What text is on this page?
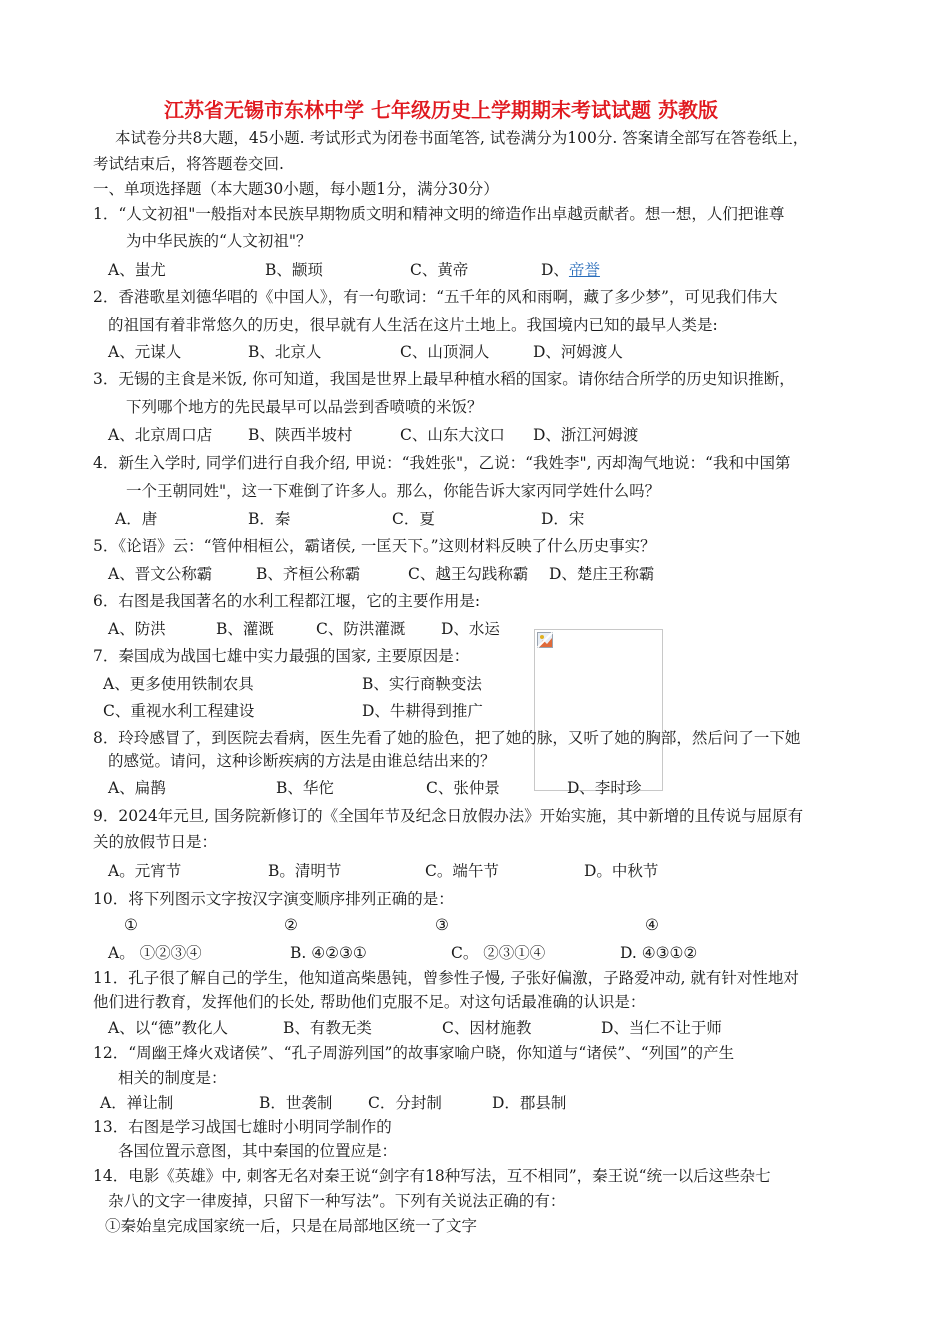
江苏省无锡市东林中学 七年级历史上学期期末考试试题 苏教版
本试卷分共8大题，45小题. 考试形式为闭卷书面笔答, 试卷满分为100分. 答案请全部写在答卷纸上，
考试结束后，将答题卷交回.
一、单项选择题（本大题30小题，每小题1分，满分30分）
1．“人文初祖"一般指对本民族早期物质文明和精神文明的缔造作出卓越贡献者。想一想，人们把谁尊
为中华民族的“人文初祖"？
A、蚩尤	B、颛顼	C、黄帝	D、帝誉
2．香港歌星刘德华唱的《中国人》，有一句歌词：“五千年的风和雨啊，藏了多少梦”，可见我们伟大
的祖国有着非常悠久的历史，很早就有人生活在这片土地上。我国境内已知的最早人类是:
A、元谋人	B、北京人	C、山顶洞人	D、河姆渡人
3．无锡的主食是米饭, 你可知道，我国是世界上最早种植水稻的国家。请你结合所学的历史知识推断，
下列哪个地方的先民最早可以品尝到香喷喷的米饭？
A、北京周口店 B、陕西半坡村	C、山东大汶口 D、浙江河姆渡
4．新生入学时, 同学们进行自我介绍, 甲说：“我姓张"，乙说：“我姓李", 丙却淘气地说：“我和中国第
一个王朝同姓"，这一下难倒了许多人。那么，你能告诉大家丙同学姓什么吗？
A．唐	B．秦	C．夏	D．宋
5．《论语》云：“管仲相桓公，霸诸侯, 一匡天下。”这则材料反映了什么历史事实？
A、晋文公称霸	B、齐桓公称霸	C、越王勾践称霸 D、楚庄王称霸
6．右图是我国著名的水利工程都江堰，它的主要作用是:
A、防洪	B、灌溉	C、防洪灌溉 D、水运
7．秦国成为战国七雄中实力最强的国家, 主要原因是：
A、更多使用铁制农具	B、实行商鞅变法
C、重视水利工程建设	D、牛耕得到推广
8．玲玲感冒了，到医院去看病，医生先看了她的脸色，把了她的脉，又听了她的胸部，然后问了一下她
的感觉。请问，这种诊断疾病的方法是由谁总结出来的？
A、扁鹊	B、华佗	C、张仲景	D、李时珍
9．2024年元旦, 国务院新修订的《全国年节及纪念日放假办法》开始实施，其中新增的且传说与屈原有
关的放假节日是：
A。元宵节	B。清明节	C。端午节	D。中秋节
10．将下列图示文字按汉字演变顺序排列正确的是：
①	②	③	④
A。 ①②③④	B. ④②③①	C。 ②③①④	D. ④③①②
11．孔子很了解自己的学生，他知道高柴愚钝，曾参性子慢, 子张好偏激，子路爱冲动, 就有针对性地对
他们进行教育，发挥他们的长处, 帮助他们克服不足。对这句话最准确的认识是：
A、以“德”教化人	B、有教无类	C、因材施教	D、当仁不让于师
12．“周幽王烽火戏诸侯”、“孔子周游列国”的故事家喻户晓，你知道与“诸侯”、“列国”的产生
相关的制度是：
A．禅让制	B．世袭制 C．分封制	D．郡县制
13．右图是学习战国七雄时小明同学制作的
各国位置示意图，其中秦国的位置应是：
14．电影《英雄》中, 刺客无名对秦王说“剑字有18种写法，互不相同”，秦王说“统一以后这些杂七
杂八的文字一律废掉，只留下一种写法”。下列有关说法正确的有：
①秦始皇完成国家统一后，只是在局部地区统一了文字
